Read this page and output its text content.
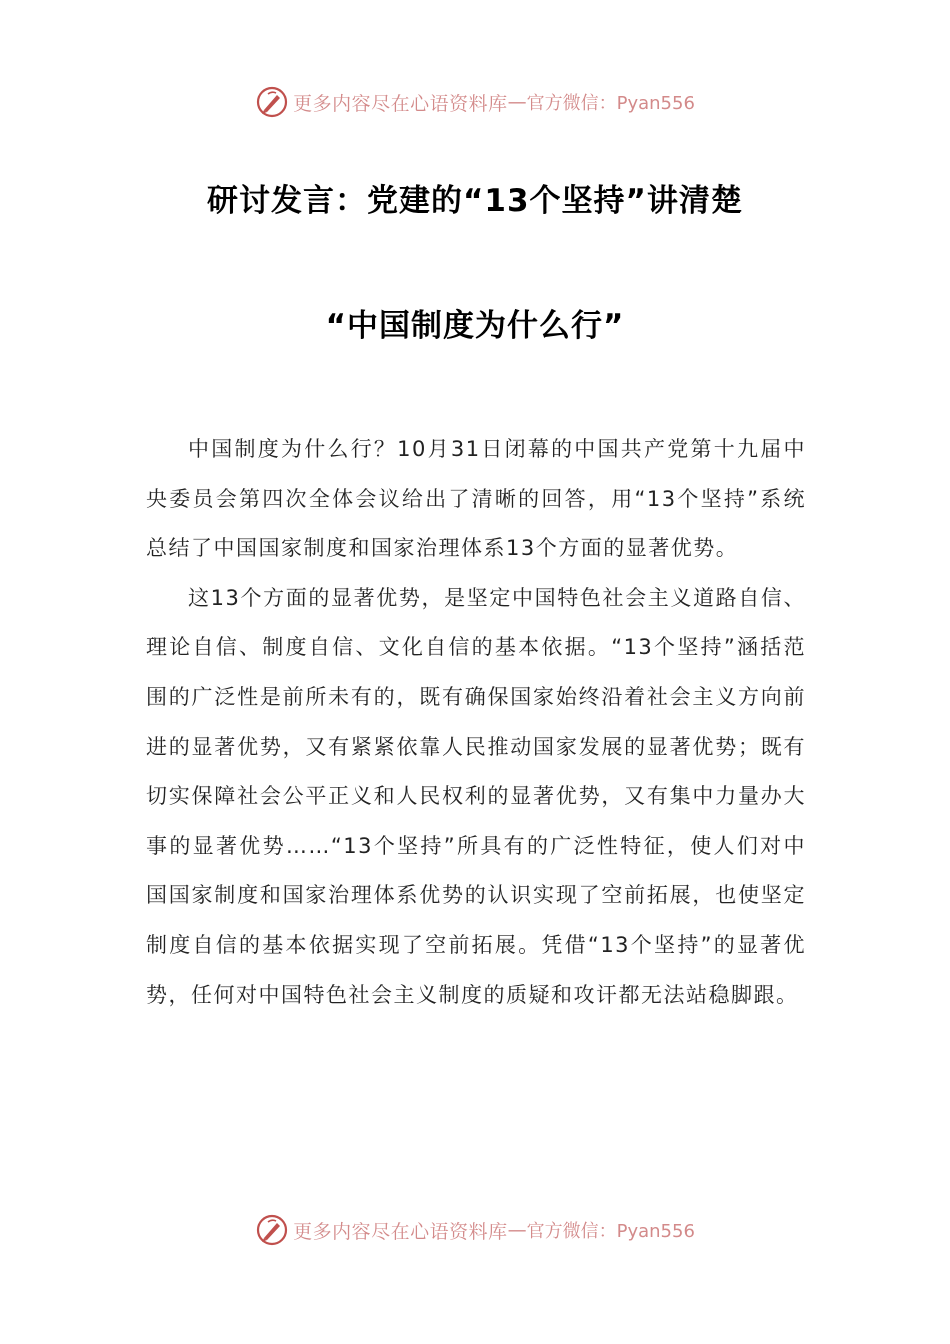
更多内容尽在心语资料库 — 官方微信：Pyan556
研讨发言：党建的“13个坚持”讲清楚
“中国制度为什么行”

中国制度为什么行？10月31日闭幕的中国共产党第十九届中央委员会第四次全体会议给出了清晰的回答，用“13个坚持”系统总结了中国国家制度和国家治理体系13个方面的显著优势。

这13个方面的显著优势，是坚定中国特色社会主义道路自信、理论自信、制度自信、文化自信的基本依据。“13个坚持”涵括范围的广泛性是前所未有的，既有确保国家始终沿着社会主义方向前进的显著优势，又有紧紧依靠人民推动国家发展的显著优势；既有切实保障社会公平正义和人民权利的显著优势，又有集中力量办大事的显著优势……“13个坚持”所具有的广泛性特征，使人们对中国国家制度和国家治理体系优势的认识实现了空前拓展，也使坚定制度自信的基本依据实现了空前拓展。凭借“13个坚持”的显著优势，任何对中国特色社会主义制度的质疑和攻讦都无法站稳脚跟。

更多内容尽在心语资料库 — 官方微信：Pyan556
